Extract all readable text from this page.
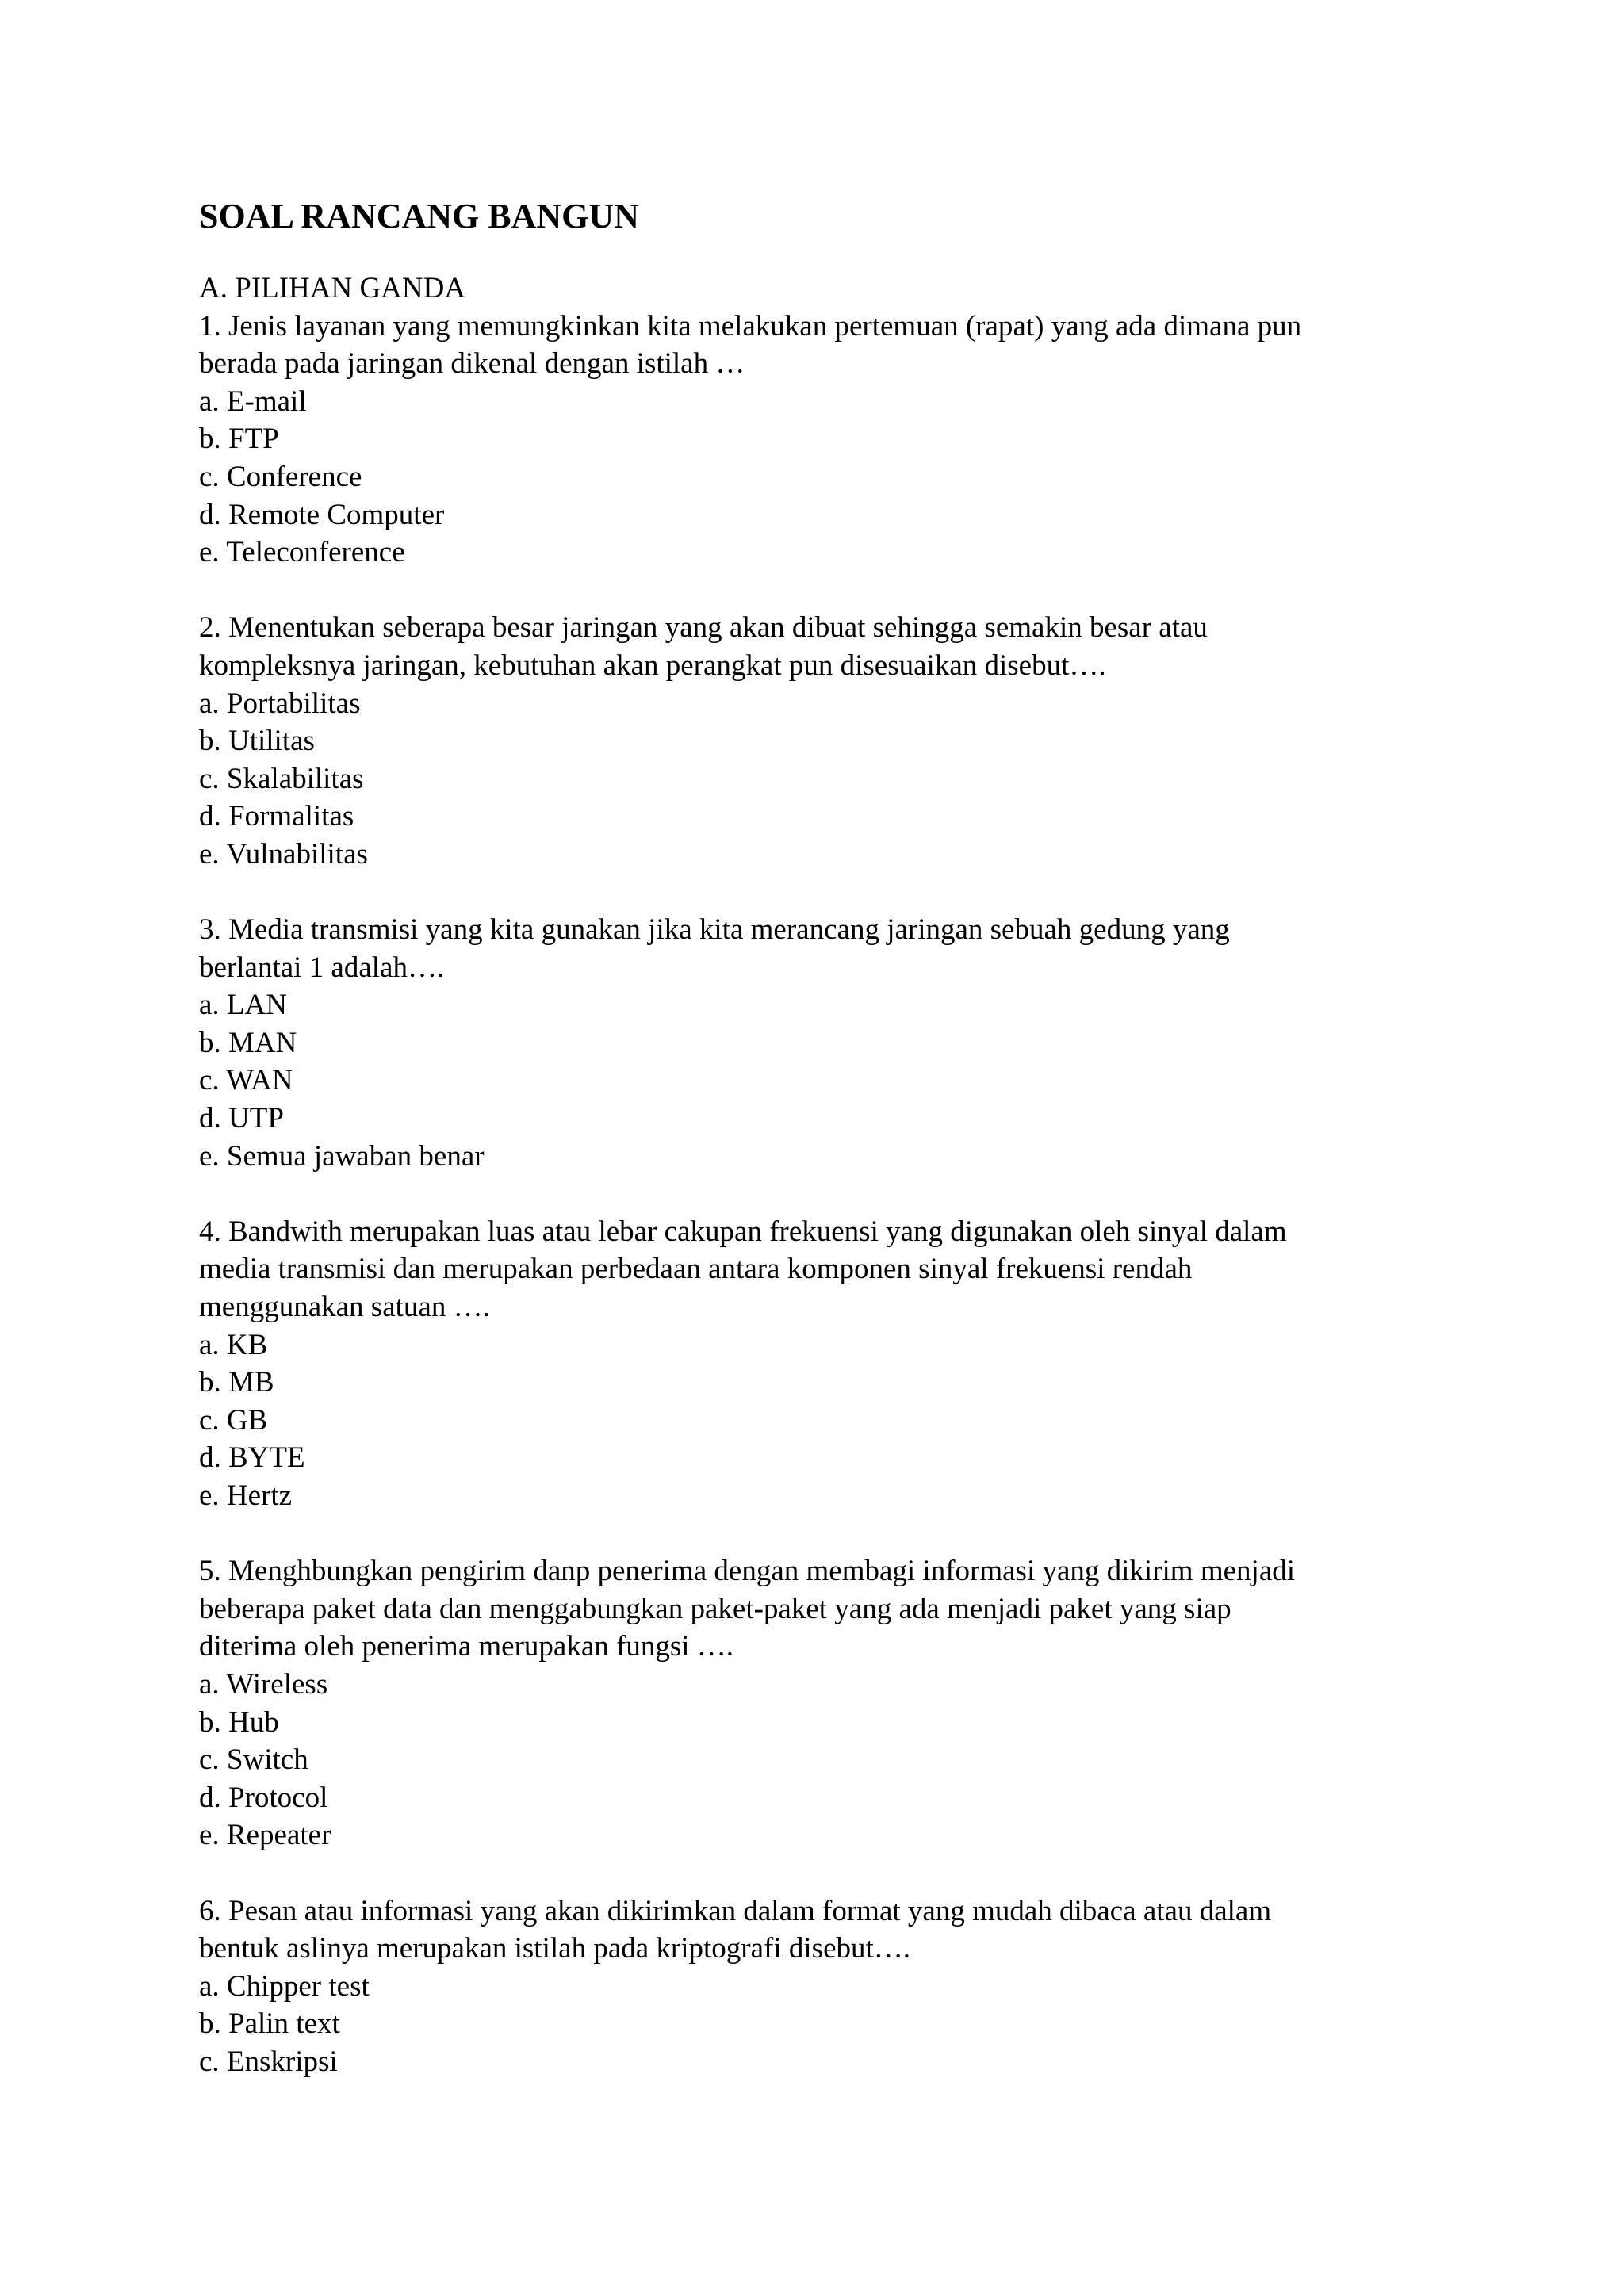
SOAL RANCANG BANGUN

A. PILIHAN GANDA

1. Jenis layanan yang memungkinkan kita melakukan pertemuan (rapat) yang ada dimana pun

berada pada jaringan dikenal dengan istilah …

a. E-mail
b. FTP
c. Conference
d. Remote Computer
e. Teleconference

2. Menentukan seberapa besar jaringan yang akan dibuat sehingga semakin besar atau

kompleksnya jaringan, kebutuhan akan perangkat pun disesuaikan disebut….

a. Portabilitas
b. Utilitas
c. Skalabilitas
d. Formalitas
e. Vulnabilitas

3. Media transmisi yang kita gunakan jika kita merancang jaringan sebuah gedung yang

berlantai 1 adalah….

a. LAN
b. MAN
c. WAN
d. UTP
e. Semua jawaban benar

4. Bandwith merupakan luas atau lebar cakupan frekuensi yang digunakan oleh sinyal dalam

media transmisi dan merupakan perbedaan antara komponen sinyal frekuensi rendah

menggunakan satuan ….

a. KB
b. MB
c. GB
d. BYTE
e. Hertz

5. Menghbungkan pengirim danp penerima dengan membagi informasi yang dikirim menjadi

beberapa paket data dan menggabungkan paket-paket yang ada menjadi paket yang siap

diterima oleh penerima merupakan fungsi ….

a. Wireless
b. Hub
c. Switch
d. Protocol
e. Repeater

6. Pesan atau informasi yang akan dikirimkan dalam format yang mudah dibaca atau dalam

bentuk aslinya merupakan istilah pada kriptografi disebut….

a. Chipper test
b. Palin text
c. Enskripsi
